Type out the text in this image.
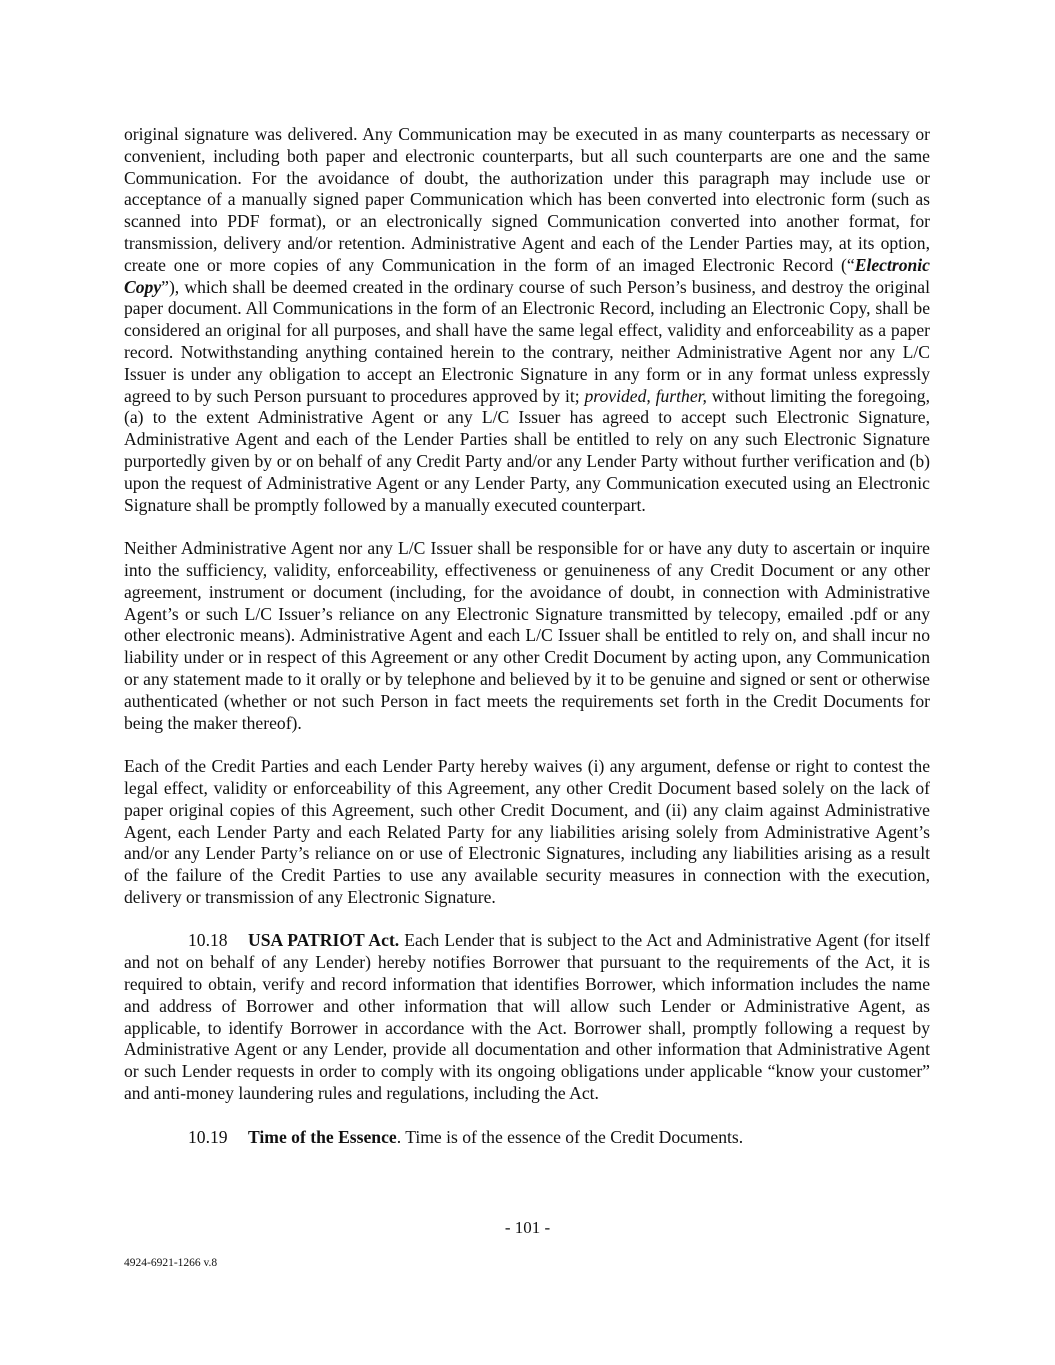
original signature was delivered. Any Communication may be executed in as many counterparts as necessary or convenient, including both paper and electronic counterparts, but all such counterparts are one and the same Communication. For the avoidance of doubt, the authorization under this paragraph may include use or acceptance of a manually signed paper Communication which has been converted into electronic form (such as scanned into PDF format), or an electronically signed Communication converted into another format, for transmission, delivery and/or retention. Administrative Agent and each of the Lender Parties may, at its option, create one or more copies of any Communication in the form of an imaged Electronic Record (“Electronic Copy”), which shall be deemed created in the ordinary course of such Person’s business, and destroy the original paper document. All Communications in the form of an Electronic Record, including an Electronic Copy, shall be considered an original for all purposes, and shall have the same legal effect, validity and enforceability as a paper record. Notwithstanding anything contained herein to the contrary, neither Administrative Agent nor any L/C Issuer is under any obligation to accept an Electronic Signature in any form or in any format unless expressly agreed to by such Person pursuant to procedures approved by it; provided, further, without limiting the foregoing, (a) to the extent Administrative Agent or any L/C Issuer has agreed to accept such Electronic Signature, Administrative Agent and each of the Lender Parties shall be entitled to rely on any such Electronic Signature purportedly given by or on behalf of any Credit Party and/or any Lender Party without further verification and (b) upon the request of Administrative Agent or any Lender Party, any Communication executed using an Electronic Signature shall be promptly followed by a manually executed counterpart.

Neither Administrative Agent nor any L/C Issuer shall be responsible for or have any duty to ascertain or inquire into the sufficiency, validity, enforceability, effectiveness or genuineness of any Credit Document or any other agreement, instrument or document (including, for the avoidance of doubt, in connection with Administrative Agent’s or such L/C Issuer’s reliance on any Electronic Signature transmitted by telecopy, emailed .pdf or any other electronic means). Administrative Agent and each L/C Issuer shall be entitled to rely on, and shall incur no liability under or in respect of this Agreement or any other Credit Document by acting upon, any Communication or any statement made to it orally or by telephone and believed by it to be genuine and signed or sent or otherwise authenticated (whether or not such Person in fact meets the requirements set forth in the Credit Documents for being the maker thereof).

Each of the Credit Parties and each Lender Party hereby waives (i) any argument, defense or right to contest the legal effect, validity or enforceability of this Agreement, any other Credit Document based solely on the lack of paper original copies of this Agreement, such other Credit Document, and (ii) any claim against Administrative Agent, each Lender Party and each Related Party for any liabilities arising solely from Administrative Agent’s and/or any Lender Party’s reliance on or use of Electronic Signatures, including any liabilities arising as a result of the failure of the Credit Parties to use any available security measures in connection with the execution, delivery or transmission of any Electronic Signature.

10.18 USA PATRIOT Act. Each Lender that is subject to the Act and Administrative Agent (for itself and not on behalf of any Lender) hereby notifies Borrower that pursuant to the requirements of the Act, it is required to obtain, verify and record information that identifies Borrower, which information includes the name and address of Borrower and other information that will allow such Lender or Administrative Agent, as applicable, to identify Borrower in accordance with the Act. Borrower shall, promptly following a request by Administrative Agent or any Lender, provide all documentation and other information that Administrative Agent or such Lender requests in order to comply with its ongoing obligations under applicable “know your customer” and anti-money laundering rules and regulations, including the Act.

10.19 Time of the Essence. Time is of the essence of the Credit Documents.

- 101 -
4924-6921-1266 v.8
